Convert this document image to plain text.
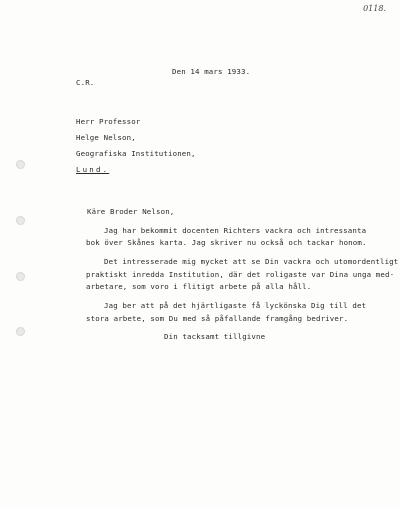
0118.
Den 14 mars 1933.
C.R.
Herr Professor
Helge Nelson,
Geografiska Institutionen,
Lund.
Käre Broder Nelson,
Jag har bekommit docenten Richters vackra och intressanta
bok över Skånes karta. Jag skriver nu också och tackar honom.
Det intresserade mig mycket att se Din vackra och utomordentligt
praktiskt inredda Institution, där det roligaste var Dina unga med-
arbetare, som voro i flitigt arbete på alla håll.
Jag ber att på det hjärtligaste få lyckönska Dig till det
stora arbete, som Du med så påfallande framgång bedriver.
Din tacksamt tillgivne
